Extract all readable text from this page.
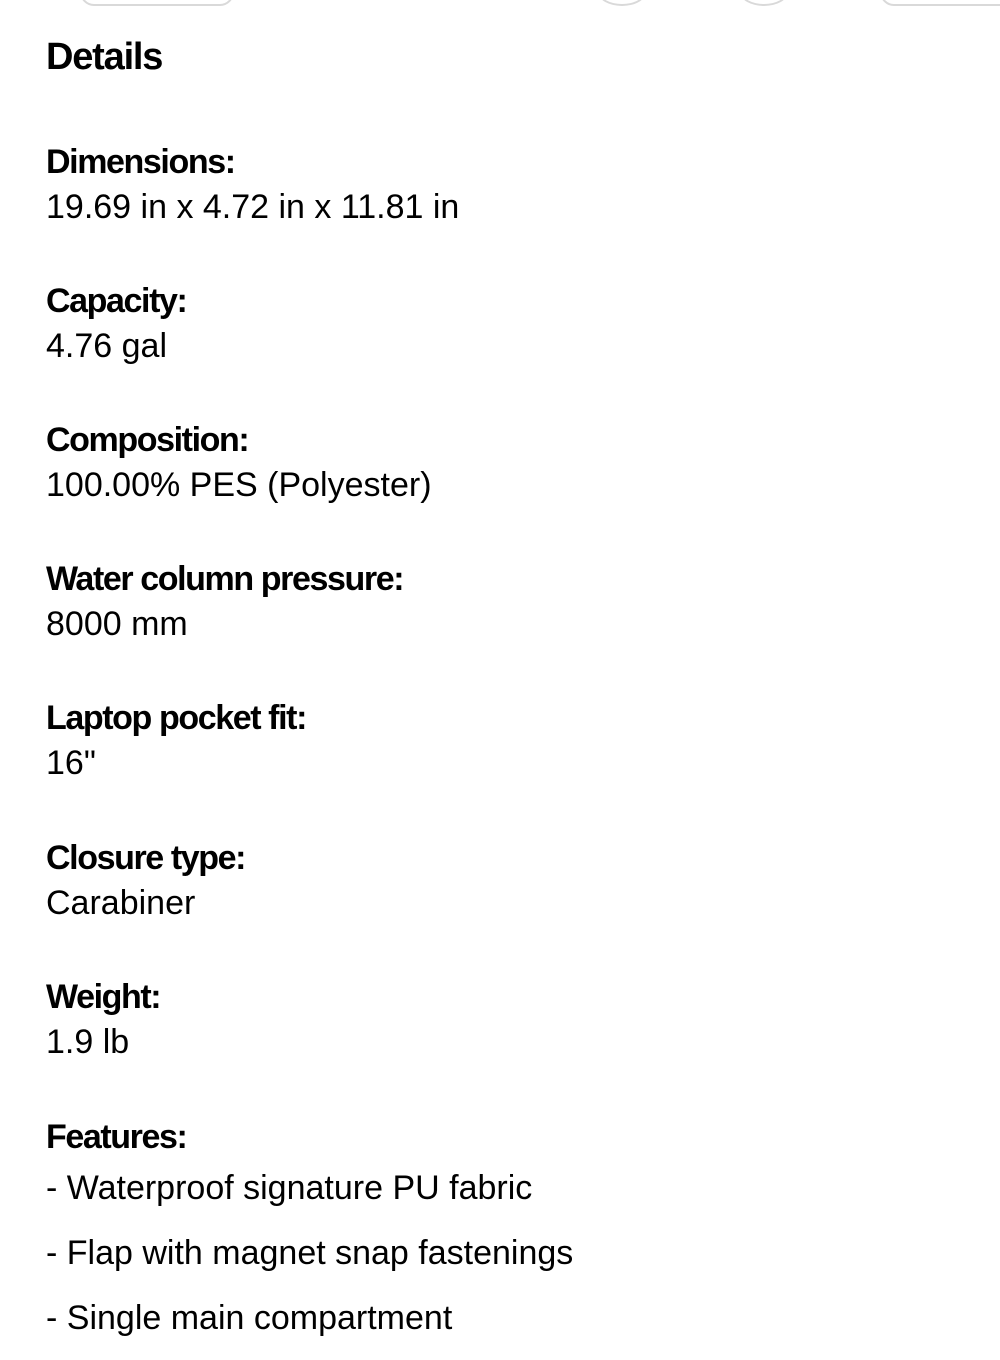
Details
Dimensions:
19.69 in x 4.72 in x 11.81 in
Capacity:
4.76 gal
Composition:
100.00% PES (Polyester)
Water column pressure:
8000 mm
Laptop pocket fit:
16"
Closure type:
Carabiner
Weight:
1.9 lb
Features:
- Waterproof signature PU fabric
- Flap with magnet snap fastenings
- Single main compartment
